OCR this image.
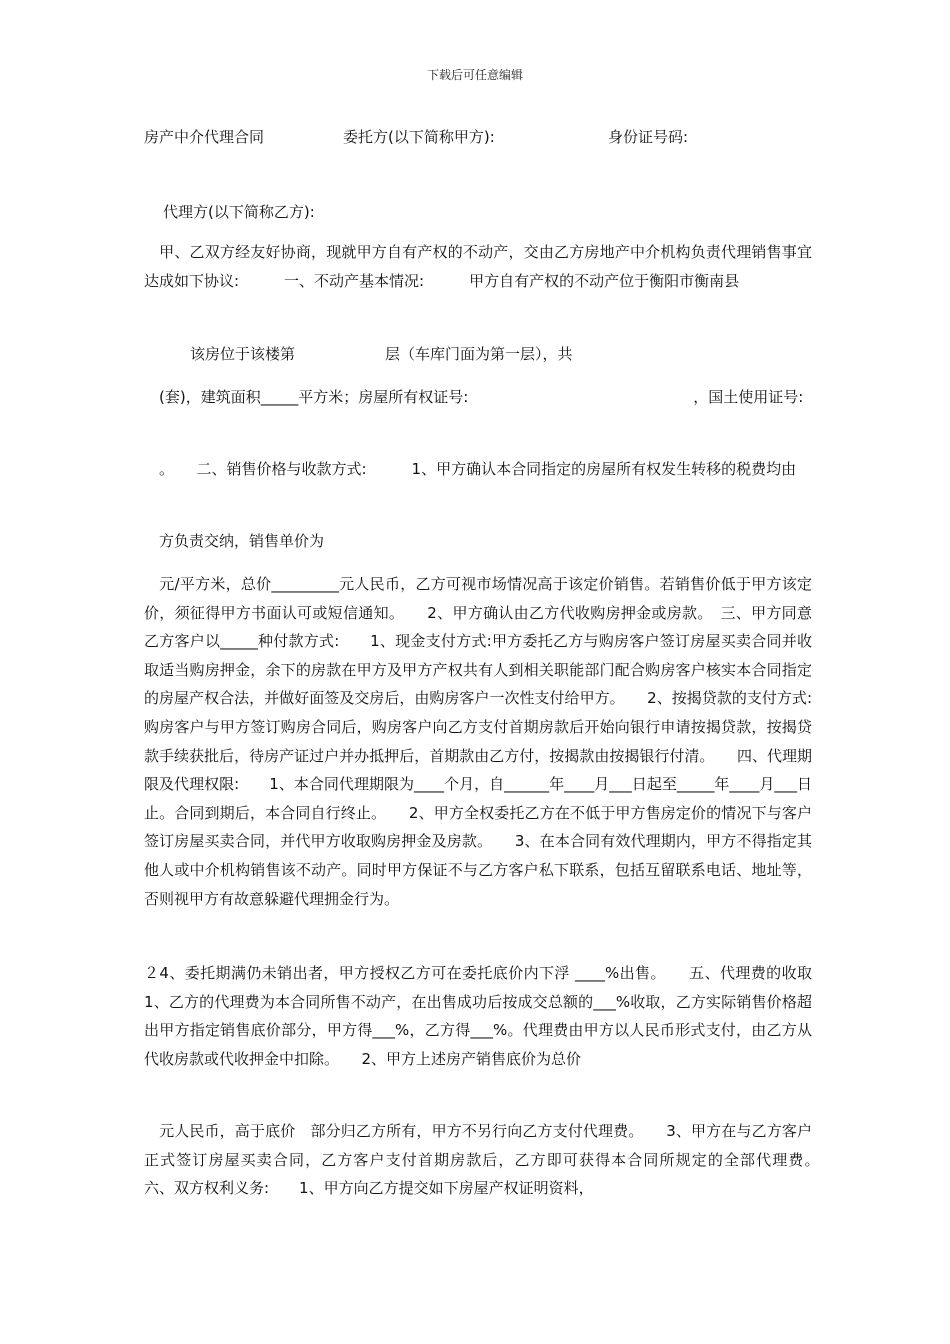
下载后可任意编辑
房产中介代理合同	委托方(以下简称甲方):	身份证号码:
代理方(以下简称乙方):
　甲、乙双方经友好协商，现就甲方自有产权的不动产，交由乙方房地产中介机构负责代理销售事宜达成如下协议:　　　一、不动产基本情况:　　　甲方自有产权的不动产位于衡阳市衡南县
　　该房位于该楼第　　　　　　层（车库门面为第一层），共
　(套)，建筑面积_____平方米；房屋所有权证号:　　　　　　　　　　　　　　　，国土使用证号:
　。　　二、销售价格与收款方式:　　　1、甲方确认本合同指定的房屋所有权发生转移的税费均由
　方负责交纳，销售单价为
　元/平方米，总价_________元人民币，乙方可视市场情况高于该定价销售。若销售价低于甲方该定价，须征得甲方书面认可或短信通知。　　2、甲方确认由乙方代收购房押金或房款。　三、甲方同意乙方客户以_____种付款方式:　　1、现金支付方式:甲方委托乙方与购房客户签订房屋买卖合同并收取适当购房押金，余下的房款在甲方及甲方产权共有人到相关职能部门配合购房客户核实本合同指定的房屋产权合法，并做好面签及交房后，由购房客户一次性支付给甲方。　　2、按揭贷款的支付方式:购房客户与甲方签订购房合同后，购房客户向乙方支付首期房款后开始向银行申请按揭贷款，按揭贷款手续获批后，待房产证过户并办抵押后，首期款由乙方付，按揭款由按揭银行付清。　　四、代理期限及代理权限:　　1、本合同代理期限为____个月，自______年____月___日起至_____年____月___日止。合同到期后，本合同自行终止。　　2、甲方全权委托乙方在不低于甲方售房定价的情况下与客户签订房屋买卖合同，并代甲方收取购房押金及房款。　　3、在本合同有效代理期内，甲方不得指定其他人或中介机构销售该不动产。同时甲方保证不与乙方客户私下联系，包括互留联系电话、地址等，否则视甲方有故意躲避代理拥金行为。
２4、委托期满仍未销出者，甲方授权乙方可在委托底价内下浮 ____%出售。　　五、代理费的收取　　1、乙方的代理费为本合同所售不动产，在出售成功后按成交总额的___%收取，乙方实际销售价格超出甲方指定销售底价部分，甲方得___%，乙方得___%。代理费由甲方以人民币形式支付，由乙方从代收房款或代收押金中扣除。　　2、甲方上述房产销售底价为总价
　元人民币，高于底价　部分归乙方所有，甲方不另行向乙方支付代理费。　　3、甲方在与乙方客户正式签订房屋买卖合同，乙方客户支付首期房款后，乙方即可获得本合同所规定的全部代理费。　　六、双方权利义务:　　1、甲方向乙方提交如下房屋产权证明资料，
